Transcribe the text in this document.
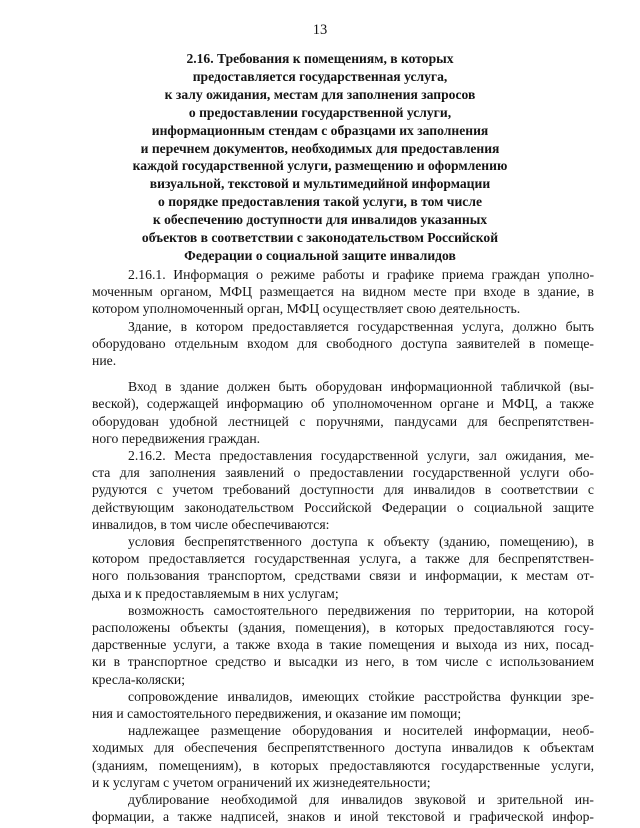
13
2.16. Требования к помещениям, в которых
предоставляется государственная услуга,
к залу ожидания, местам для заполнения запросов
о предоставлении государственной услуги,
информационным стендам с образцами их заполнения
и перечнем документов, необходимых для предоставления
каждой государственной услуги, размещению и оформлению
визуальной, текстовой и мультимедийной информации
о порядке предоставления такой услуги, в том числе
к обеспечению доступности для инвалидов указанных
объектов в соответствии с законодательством Российской
Федерации о социальной защите инвалидов
2.16.1. Информация о режиме работы и графике приема граждан уполно-
моченным органом, МФЦ размещается на видном месте при входе в здание, в
котором уполномоченный орган, МФЦ осуществляет свою деятельность.
Здание, в котором предоставляется государственная услуга, должно быть
оборудовано отдельным входом для свободного доступа заявителей в помеще-
ние.
Вход в здание должен быть оборудован информационной табличкой (вы-
веской), содержащей информацию об уполномоченном органе и МФЦ, а также
оборудован удобной лестницей с поручнями, пандусами для беспрепятствен-
ного передвижения граждан.
2.16.2. Места предоставления государственной услуги, зал ожидания, ме-
ста для заполнения заявлений о предоставлении государственной услуги обо-
рудуются с учетом требований доступности для инвалидов в соответствии с
действующим законодательством Российской Федерации о социальной защите
инвалидов, в том числе обеспечиваются:
условия беспрепятственного доступа к объекту (зданию, помещению), в
котором предоставляется государственная услуга, а также для беспрепятствен-
ного пользования транспортом, средствами связи и информации, к местам от-
дыха и к предоставляемым в них услугам;
возможность самостоятельного передвижения по территории, на которой
расположены объекты (здания, помещения), в которых предоставляются госу-
дарственные услуги, а также входа в такие помещения и выхода из них, посад-
ки в транспортное средство и высадки из него, в том числе с использованием
кресла-коляски;
сопровождение инвалидов, имеющих стойкие расстройства функции зре-
ния и самостоятельного передвижения, и оказание им помощи;
надлежащее размещение оборудования и носителей информации, необ-
ходимых для обеспечения беспрепятственного доступа инвалидов к объектам
(зданиям, помещениям), в которых предоставляются государственные услуги,
и к услугам с учетом ограничений их жизнедеятельности;
дублирование необходимой для инвалидов звуковой и зрительной ин-
формации, а также надписей, знаков и иной текстовой и графической инфор-
